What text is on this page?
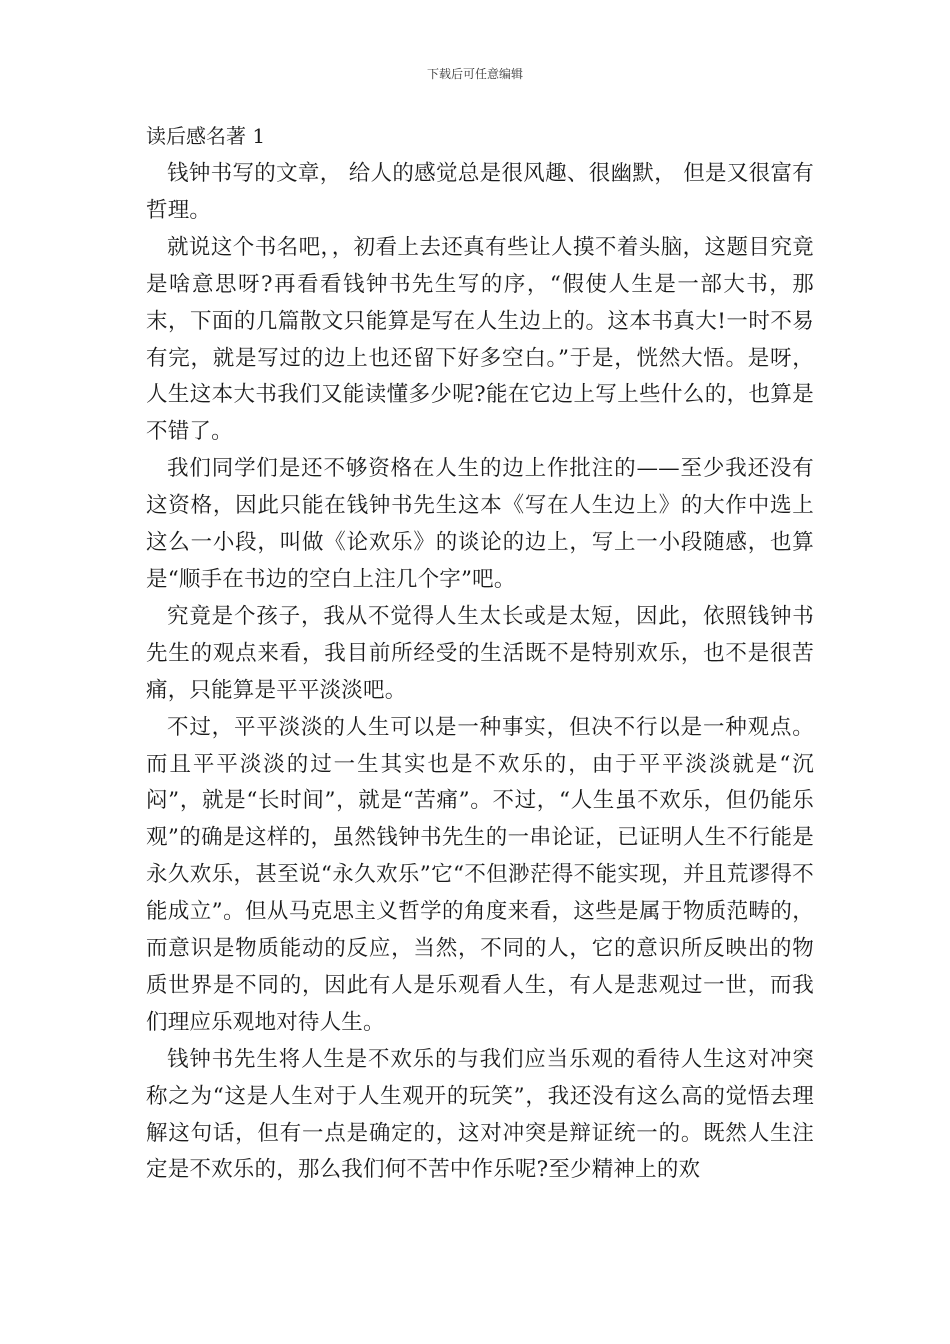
下载后可任意编辑
读后感名著 1

钱钟书写的文章， 给人的感觉总是很风趣、很幽默， 但是又很富有哲理。

就说这个书名吧，，初看上去还真有些让人摸不着头脑，这题目究竟是啥意思呀?再看看钱钟书先生写的序，“假使人生是一部大书，那末，下面的几篇散文只能算是写在人生边上的。这本书真大!一时不易有完，就是写过的边上也还留下好多空白。”于是，恍然大悟。是呀，人生这本大书我们又能读懂多少呢?能在它边上写上些什么的，也算是不错了。

我们同学们是还不够资格在人生的边上作批注的——至少我还没有这资格，因此只能在钱钟书先生这本《写在人生边上》的大作中选上这么一小段，叫做《论欢乐》的谈论的边上，写上一小段随感，也算是“顺手在书边的空白上注几个字”吧。

究竟是个孩子，我从不觉得人生太长或是太短，因此，依照钱钟书先生的观点来看，我目前所经受的生活既不是特别欢乐，也不是很苦痛，只能算是平平淡淡吧。

不过，平平淡淡的人生可以是一种事实，但决不行以是一种观点。而且平平淡淡的过一生其实也是不欢乐的，由于平平淡淡就是“沉闷”，就是“长时间”，就是“苦痛”。不过，“人生虽不欢乐，但仍能乐观”的确是这样的，虽然钱钟书先生的一串论证，已证明人生不行能是永久欢乐，甚至说“永久欢乐”它“不但渺茫得不能实现，并且荒谬得不能成立”。但从马克思主义哲学的角度来看，这些是属于物质范畴的，而意识是物质能动的反应，当然，不同的人，它的意识所反映出的物质世界是不同的，因此有人是乐观看人生，有人是悲观过一世，而我们理应乐观地对待人生。

钱钟书先生将人生是不欢乐的与我们应当乐观的看待人生这对冲突称之为“这是人生对于人生观开的玩笑”，我还没有这么高的觉悟去理解这句话，但有一点是确定的，这对冲突是辩证统一的。既然人生注定是不欢乐的，那么我们何不苦中作乐呢?至少精神上的欢
